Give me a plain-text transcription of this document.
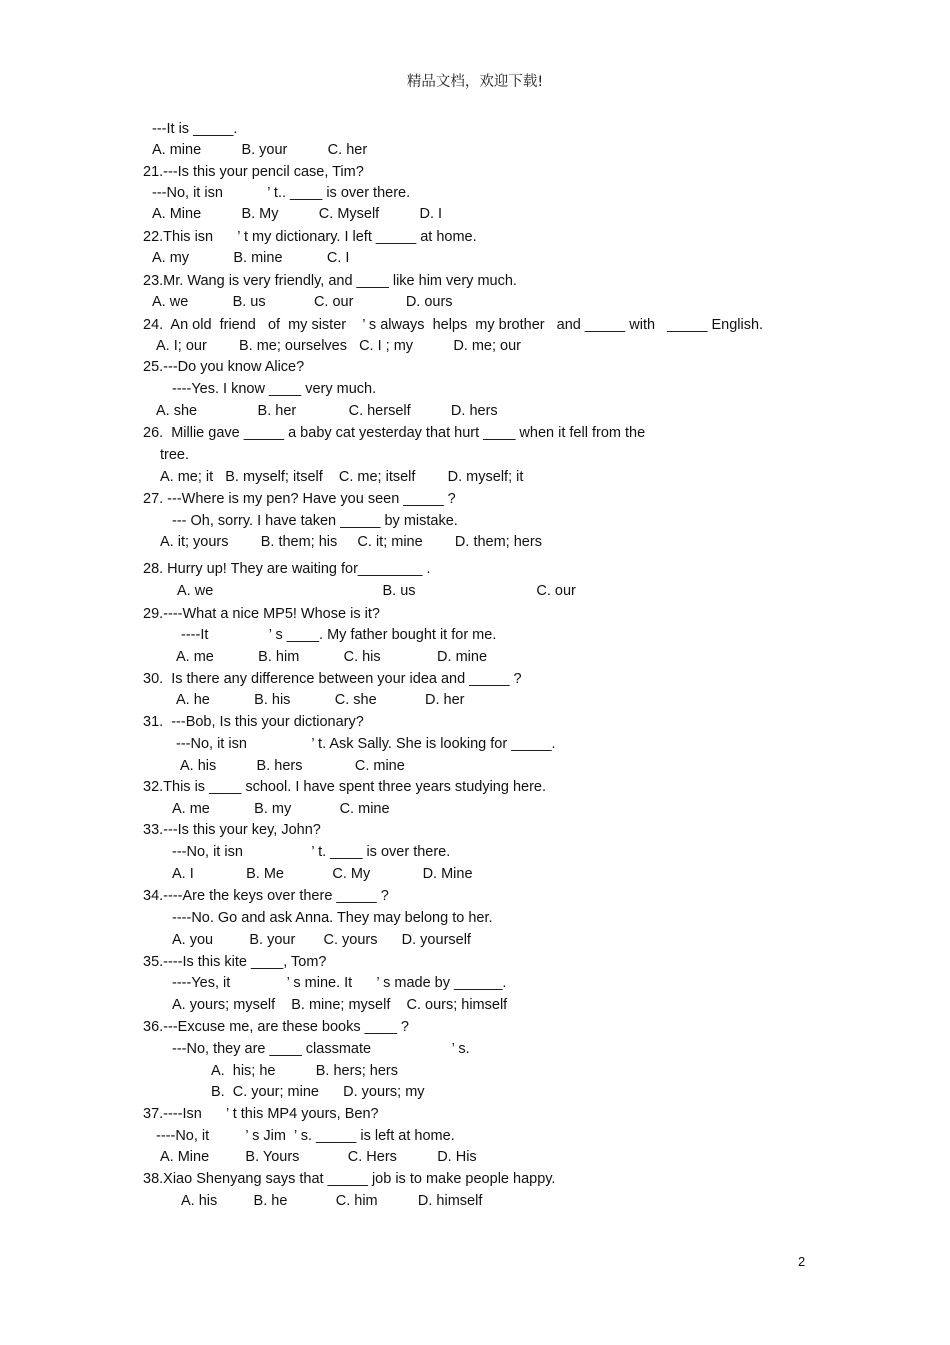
精品文档，欢迎下载!
---It is _____.
A. mine          B. your          C. her
21.---Is this your pencil case, Tim?
---No, it isn           ’ t.. ____ is over there.
A. Mine          B. My          C. Myself          D. I
22.This isn      ’ t my dictionary. I left _____ at home.
A. my           B. mine           C. I
23.Mr. Wang is very friendly, and ____ like him very much.
A. we           B. us            C. our             D. ours
24.  An old  friend   of  my sister    ’ s always  helps  my brother   and _____ with   _____ English.
A. I; our        B. me; ourselves   C. I ; my          D. me; our
25.---Do you know Alice?
----Yes. I know ____ very much.
A. she               B. her             C. herself          D. hers
26.  Millie gave _____ a baby cat yesterday that hurt ____ when it fell from the
tree.
A. me; it   B. myself; itself    C. me; itself        D. myself; it
27. ---Where is my pen? Have you seen _____ ?
--- Oh, sorry. I have taken _____ by mistake.
A. it; yours        B. them; his     C. it; mine        D. them; hers
28. Hurry up! They are waiting for________ .
A. we                                          B. us                              C. our
29.----What a nice MP5! Whose is it?
----It               ’ s ____. My father bought it for me.
A. me           B. him           C. his              D. mine
30.  Is there any difference between your idea and _____ ?
A. he           B. his           C. she            D. her
31.  ---Bob, Is this your dictionary?
---No, it isn                ’ t. Ask Sally. She is looking for _____.
A. his          B. hers             C. mine
32.This is ____ school. I have spent three years studying here.
A. me           B. my            C. mine
33.---Is this your key, John?
---No, it isn                 ’ t. ____ is over there.
A. I             B. Me            C. My             D. Mine
34.----Are the keys over there _____ ?
----No. Go and ask Anna. They may belong to her.
A. you         B. your       C. yours      D. yourself
35.----Is this kite ____, Tom?
----Yes, it              ’ s mine. It      ’ s made by ______.
A. yours; myself    B. mine; myself    C. ours; himself
36.---Excuse me, are these books ____ ?
---No, they are ____ classmate                    ’ s.
A.  his; he          B. hers; hers
B.  C. your; mine      D. yours; my
37.----Isn      ’ t this MP4 yours, Ben?
----No, it         ’ s Jim  ’ s. _____ is left at home.
A. Mine         B. Yours            C. Hers          D. His
38.Xiao Shenyang says that _____ job is to make people happy.
A. his         B. he            C. him          D. himself
2
